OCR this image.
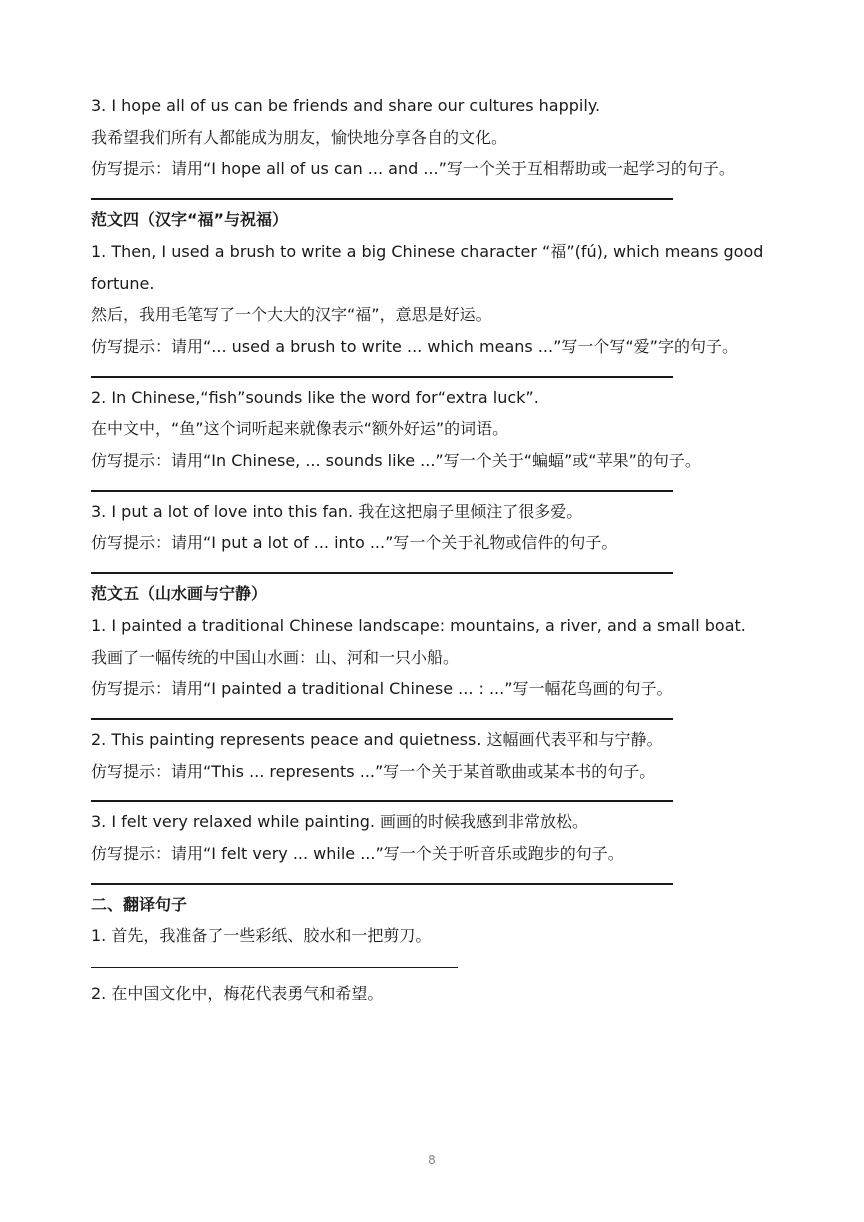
3. I hope all of us can be friends and share our cultures happily.
我希望我们所有人都能成为朋友，愉快地分享各自的文化。
仿写提示：请用“I hope all of us can ... and ...”写一个关于互相帮助或一起学习的句子。
范文四（汉字“福”与祝福）
1. Then, I used a brush to write a big Chinese character “福”(fú), which means good fortune.
然后，我用毛笔写了一个大大的汉字“福”，意思是好运。
仿写提示：请用“... used a brush to write ... which means ...”写一个写“爱”字的句子。
2. In Chinese,“fish”sounds like the word for“extra luck”.
在中文中，“鱼”这个词听起来就像表示“额外好运”的词语。
仿写提示：请用“In Chinese, ... sounds like ...”写一个关于“蝙蝠”或“苹果”的句子。
3. I put a lot of love into this fan. 我在这把扇子里倾注了很多爱。
仿写提示：请用“I put a lot of ... into ...”写一个关于礼物或信件的句子。
范文五（山水画与宁静）
1. I painted a traditional Chinese landscape: mountains, a river, and a small boat.
我画了一幅传统的中国山水画：山、河和一只小船。
仿写提示：请用“I painted a traditional Chinese ... : ...”写一幅花鸟画的句子。
2. This painting represents peace and quietness. 这幅画代表平和与宁静。
仿写提示：请用“This ... represents ...”写一个关于某首歌曲或某本书的句子。
3. I felt very relaxed while painting. 画画的时候我感到非常放松。
仿写提示：请用“I felt very ... while ...”写一个关于听音乐或跑步的句子。
二、翻译句子
1. 首先，我准备了一些彩纸、胶水和一把剪刀。
2. 在中国文化中，梅花代表勇气和希望。
8
